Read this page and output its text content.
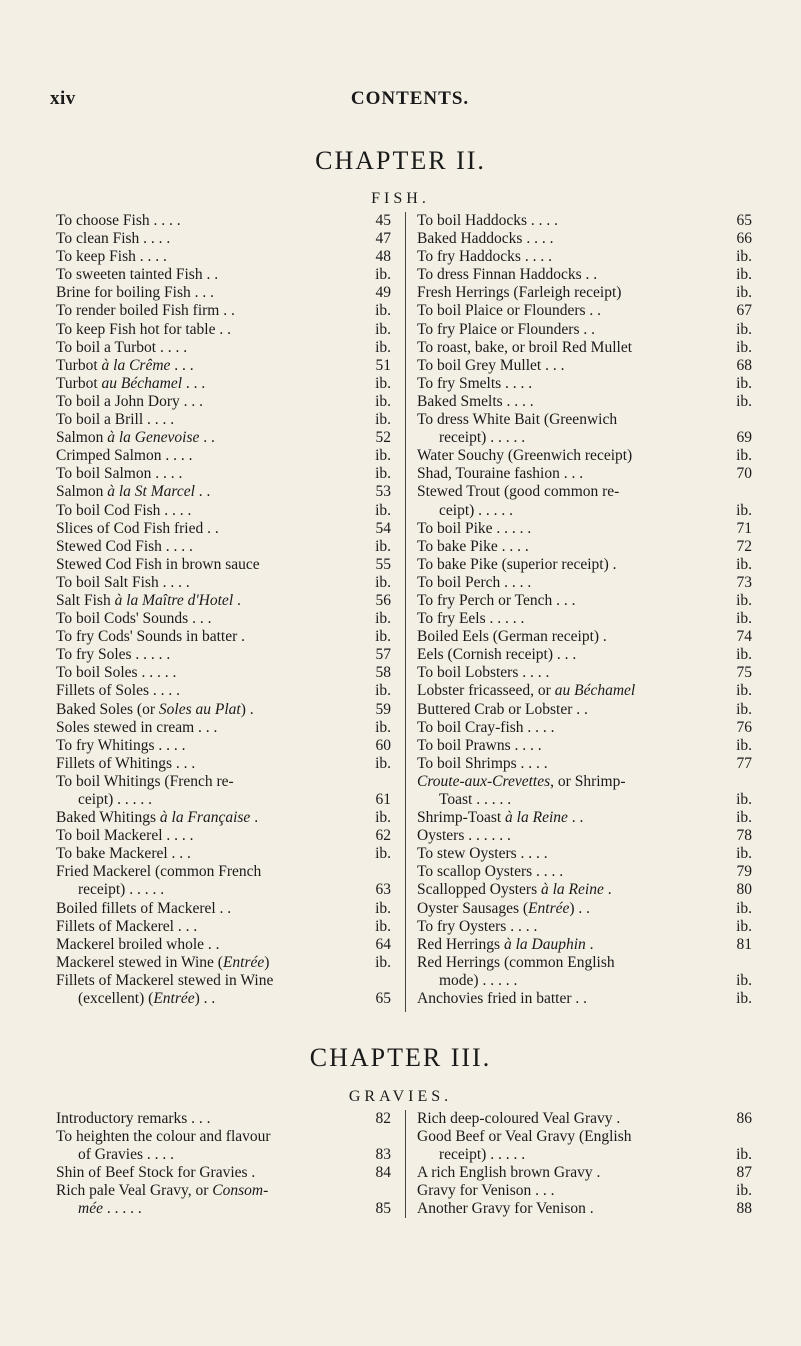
xiv	CONTENTS.
CHAPTER II.
FISH.
To choose Fish . . . .	45
To clean Fish . . . .	47
To keep Fish . . . .	48
To sweeten tainted Fish . .	ib.
Brine for boiling Fish . . .	49
To render boiled Fish firm . .	ib.
To keep Fish hot for table . .	ib.
To boil a Turbot . . . .	ib.
Turbot à la Crême . . .	51
Turbot au Béchamel . . .	ib.
To boil a John Dory . . .	ib.
To boil a Brill . . . .	ib.
Salmon à la Genevoise . .	52
Crimped Salmon . . . .	ib.
To boil Salmon . . . .	ib.
Salmon à la St Marcel . .	53
To boil Cod Fish . . . .	ib.
Slices of Cod Fish fried . .	54
Stewed Cod Fish . . . .	ib.
Stewed Cod Fish in brown sauce	55
To boil Salt Fish . . . .	ib.
Salt Fish à la Maître d'Hotel .	56
To boil Cods' Sounds . . .	ib.
To fry Cods' Sounds in batter .	ib.
To fry Soles . . . . .	57
To boil Soles . . . . .	58
Fillets of Soles . . . .	ib.
Baked Soles (or Soles au Plat) .	59
Soles stewed in cream . . .	ib.
To fry Whitings . . . .	60
Fillets of Whitings . . .	ib.
To boil Whitings (French re-
ceipt) . . . . .	61
Baked Whitings à la Française .	ib.
To boil Mackerel . . . .	62
To bake Mackerel . . .	ib.
Fried Mackerel (common French
receipt) . . . . .	63
Boiled fillets of Mackerel . .	ib.
Fillets of Mackerel . . .	ib.
Mackerel broiled whole . .	64
Mackerel stewed in Wine (Entrée)	ib.
Fillets of Mackerel stewed in Wine
(excellent) (Entrée) . .	65
To boil Haddocks . . . .	65
Baked Haddocks . . . .	66
To fry Haddocks . . . .	ib.
To dress Finnan Haddocks . .	ib.
Fresh Herrings (Farleigh receipt)	ib.
To boil Plaice or Flounders . .	67
To fry Plaice or Flounders . .	ib.
To roast, bake, or broil Red Mullet	ib.
To boil Grey Mullet . . .	68
To fry Smelts . . . .	ib.
Baked Smelts . . . .	ib.
To dress White Bait (Greenwich
receipt) . . . . .	69
Water Souchy (Greenwich receipt)	ib.
Shad, Touraine fashion . . .	70
Stewed Trout (good common re-
ceipt) . . . . .	ib.
To boil Pike . . . . .	71
To bake Pike . . . .	72
To bake Pike (superior receipt) .	ib.
To boil Perch . . . .	73
To fry Perch or Tench . . .	ib.
To fry Eels . . . . .	ib.
Boiled Eels (German receipt) .	74
Eels (Cornish receipt) . . .	ib.
To boil Lobsters . . . .	75
Lobster fricasseed, or au Béchamel	ib.
Buttered Crab or Lobster . .	ib.
To boil Cray-fish . . . .	76
To boil Prawns . . . .	ib.
To boil Shrimps . . . .	77
Croute-aux-Crevettes, or Shrimp-
Toast . . . . .	ib.
Shrimp-Toast à la Reine . .	ib.
Oysters . . . . . .	78
To stew Oysters . . . .	ib.
To scallop Oysters . . . .	79
Scallopped Oysters à la Reine .	80
Oyster Sausages (Entrée) . .	ib.
To fry Oysters . . . .	ib.
Red Herrings à la Dauphin .	81
Red Herrings (common English
mode) . . . . .	ib.
Anchovies fried in batter . .	ib.
CHAPTER III.
GRAVIES.
Introductory remarks . . .	82
To heighten the colour and flavour
of Gravies . . . .	83
Shin of Beef Stock for Gravies .	84
Rich pale Veal Gravy, or Consom-
mée . . . . .	85
Rich deep-coloured Veal Gravy .	86
Good Beef or Veal Gravy (English
receipt) . . . . .	ib.
A rich English brown Gravy .	87
Gravy for Venison . . .	ib.
Another Gravy for Venison .	88
